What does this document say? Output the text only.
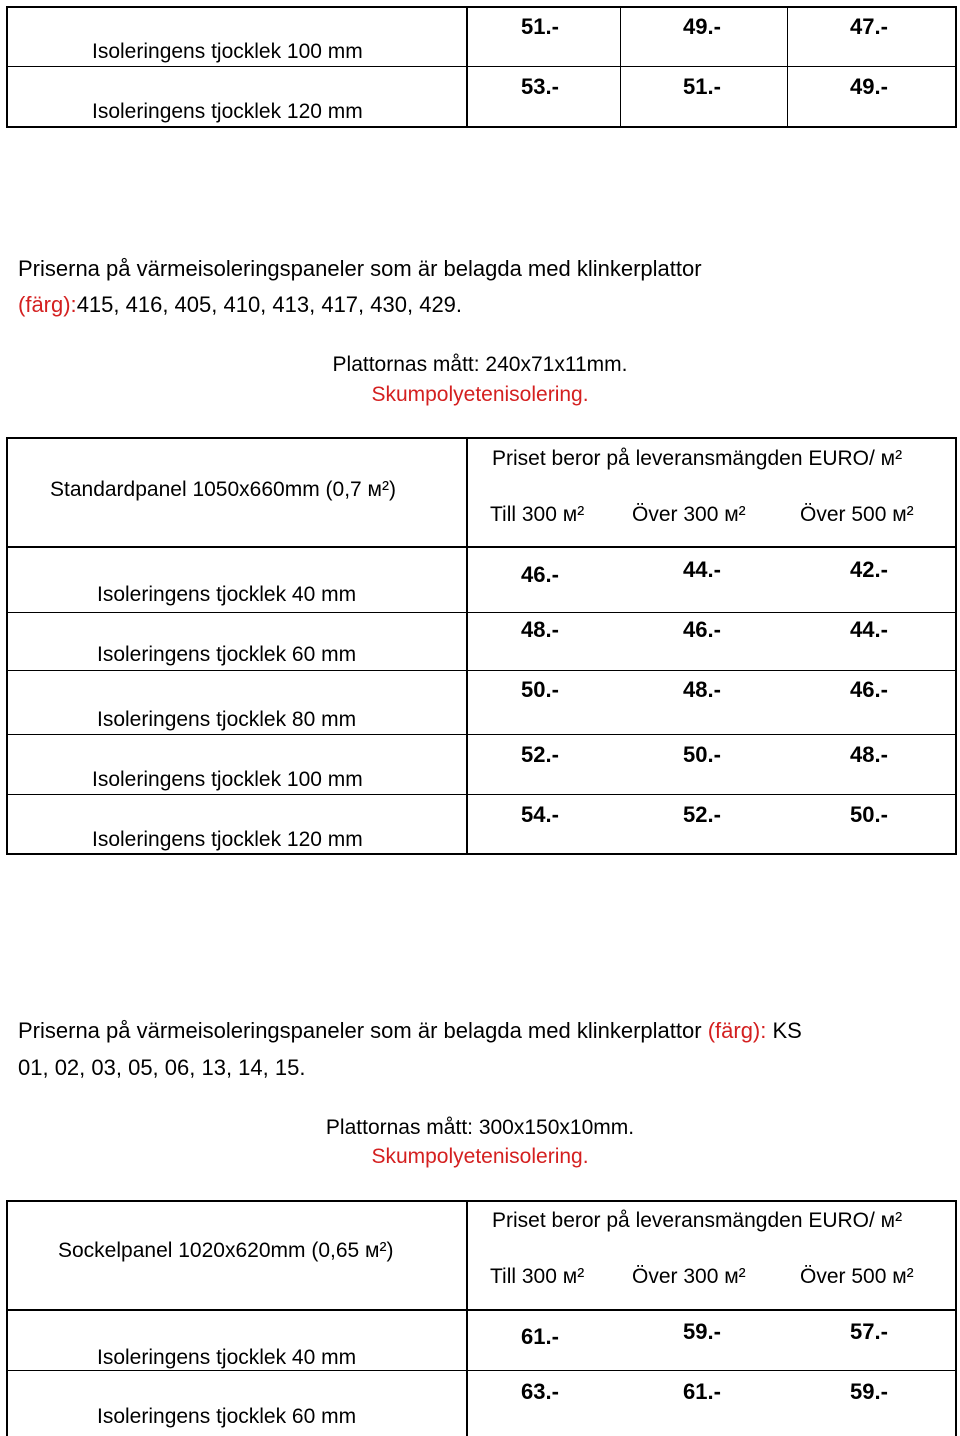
Isoleringens tjocklek 100 mm
51.-	49.-	47.-
Isoleringens tjocklek 120 mm
53.-	51.-	49.-
Priserna på värmeisoleringspaneler som är belagda med klinkerplattor
(färg):415, 416, 405, 410, 413, 417, 430, 429.
Plattornas mått: 240x71x11mm.
Skumpolyetenisolering.
Standardpanel 1050x660mm (0,7 м²)
Priset beror på leveransmängden EURO/ м²
Till 300 м² Över 300 м²	Över 500 м²
Isoleringens tjocklek 40 mm
46.-	44.-	42.-
Isoleringens tjocklek 60 mm
48.-	46.-	44.-
Isoleringens tjocklek 80 mm
50.-	48.-	46.-
Isoleringens tjocklek 100 mm
52.-	50.-	48.-
Isoleringens tjocklek 120 mm
54.-	52.-	50.-
Priserna på värmeisoleringspaneler som är belagda med klinkerplattor (färg): KS
01, 02, 03, 05, 06, 13, 14, 15.
Plattornas mått: 300x150x10mm.
Skumpolyetenisolering.
Sockelpanel 1020x620mm (0,65 м²)
Priset beror på leveransmängden EURO/ м²
Till 300 м² Över 300 м²	Över 500 м²
Isoleringens tjocklek 40 mm
61.-	59.-	57.-
Isoleringens tjocklek 60 mm
63.-	61.-	59.-
